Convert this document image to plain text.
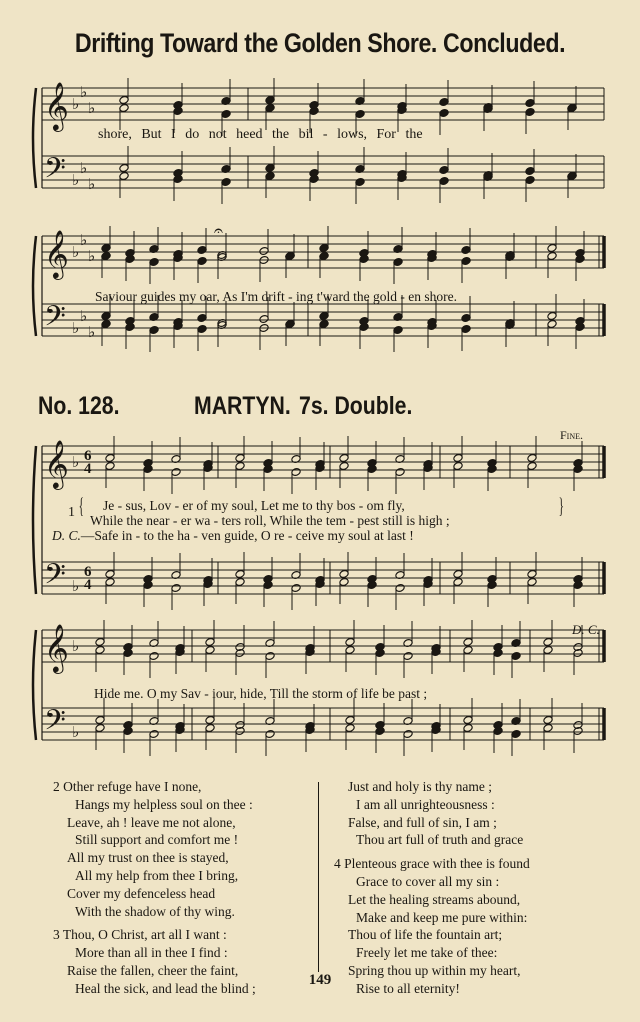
Drifting Toward the Golden Shore. Concluded.
𝄞
𝄢
♭
♭
♭
♭
♭
♭
𝄞
𝄢
♭
♭
♭
♭
♭
♭
𝄐
𝄞
𝄢
♭
♭
𝄞
𝄢
♭
♭
shore, But I do not heed the bil - lows, For the
Saviour guides my oar, As I'm drift - ing t'ward the gold - en shore.
No. 128.	MARTYN. 7s. Double.
Fine.
D. C.
6
4
6
4
1 { Je - sus, Lov - er of my soul, Let me to thy bos - om fly,
While the near - er wa - ters roll, While the tem - pest still is high ;
}
D. C.—Safe in - to the ha - ven guide, O re - ceive my soul at last !
Hide me. O my Sav - iour, hide, Till the storm of life be past ;
2 Other refuge have I none,
Hangs my helpless soul on thee :
Leave, ah ! leave me not alone,
Still support and comfort me !
All my trust on thee is stayed,
All my help from thee I bring,
Cover my defenceless head
With the shadow of thy wing.
3 Thou, O Christ, art all I want :
More than all in thee I find :
Raise the fallen, cheer the faint,
Heal the sick, and lead the blind ;
Just and holy is thy name ;
I am all unrighteousness :
False, and full of sin, I am ;
Thou art full of truth and grace
4 Plenteous grace with thee is found
Grace to cover all my sin :
Let the healing streams abound,
Make and keep me pure within:
Thou of life the fountain art;
Freely let me take of thee:
Spring thou up within my heart,
Rise to all eternity!
149
